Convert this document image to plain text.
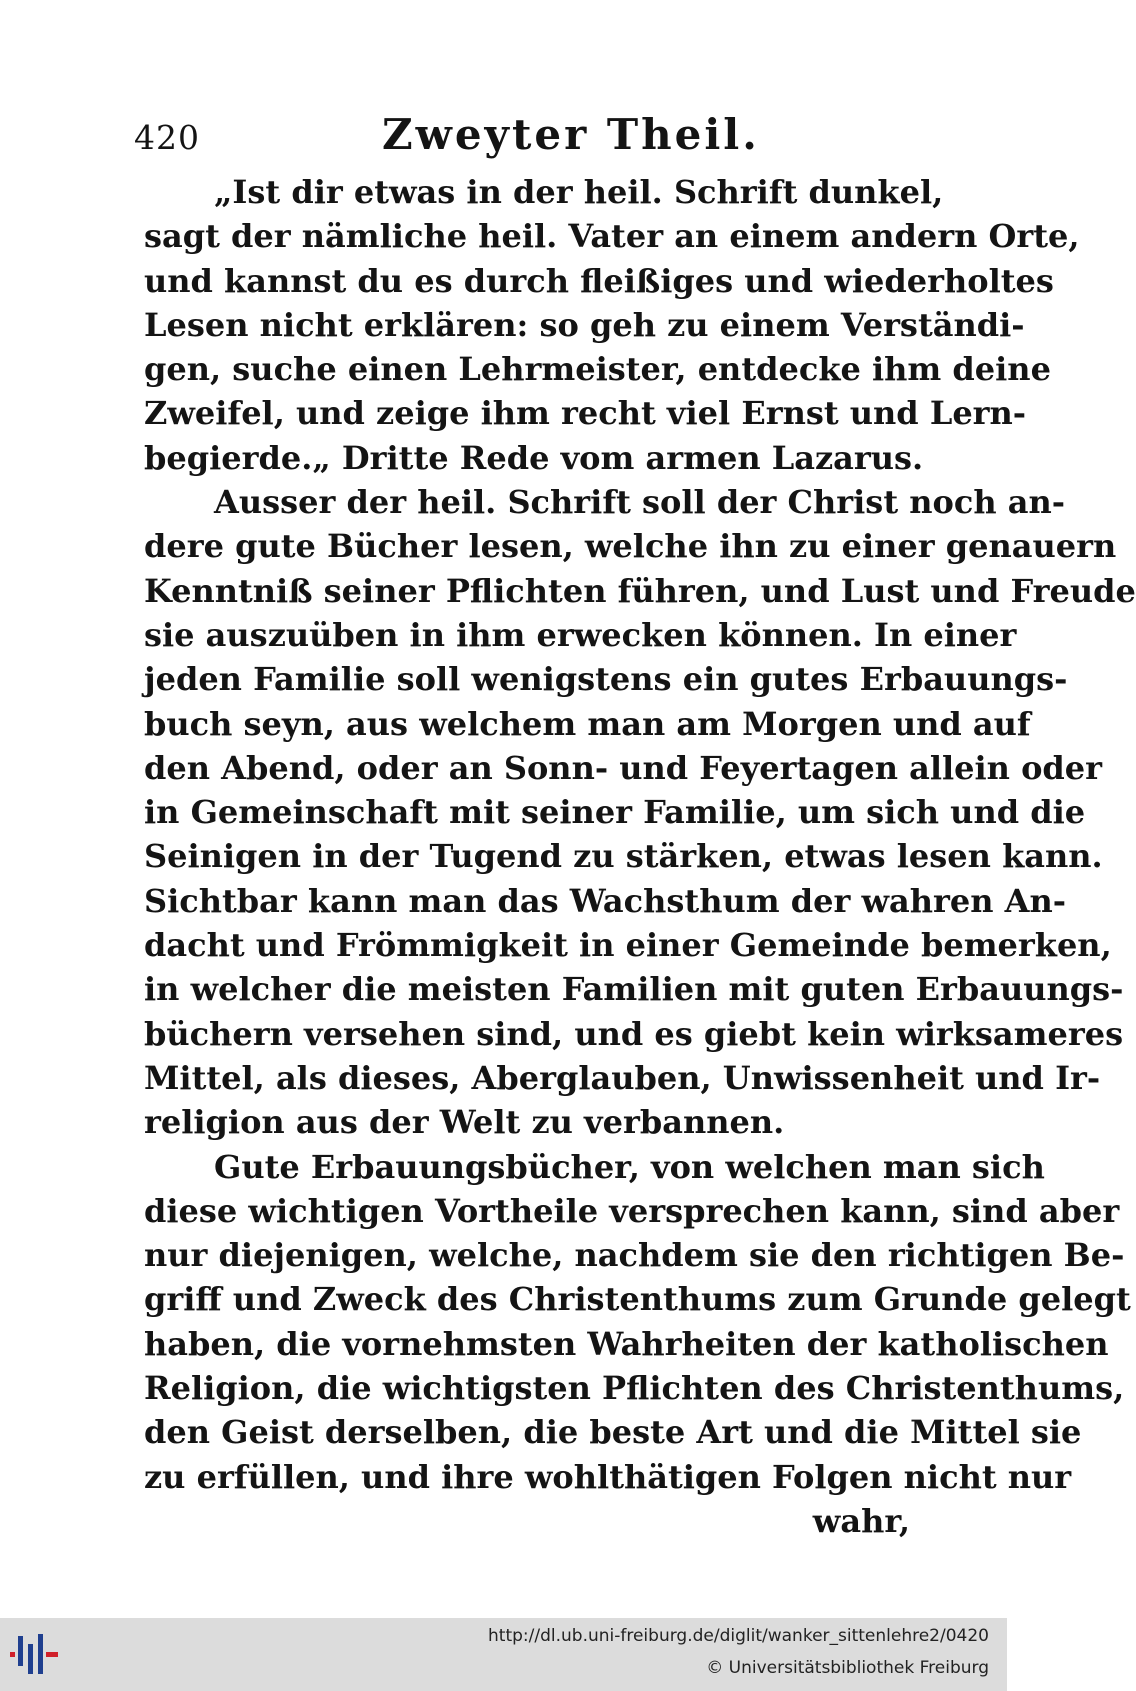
420	Zweyter Theil.
„Ist dir etwas in der heil. Schrift dunkel,
sagt der nämliche heil. Vater an einem andern Orte,
und kannst du es durch fleißiges und wiederholtes
Lesen nicht erklären: so geh zu einem Verständi-
gen, suche einen Lehrmeister, entdecke ihm deine
Zweifel, und zeige ihm recht viel Ernst und Lern-
begierde.„ Dritte Rede vom armen Lazarus.
Ausser der heil. Schrift soll der Christ noch an-
dere gute Bücher lesen, welche ihn zu einer genauern
Kenntniß seiner Pflichten führen, und Lust und Freude
sie auszuüben in ihm erwecken können. In einer
jeden Familie soll wenigstens ein gutes Erbauungs-
buch seyn, aus welchem man am Morgen und auf
den Abend, oder an Sonn- und Feyertagen allein oder
in Gemeinschaft mit seiner Familie, um sich und die
Seinigen in der Tugend zu stärken, etwas lesen kann.
Sichtbar kann man das Wachsthum der wahren An-
dacht und Frömmigkeit in einer Gemeinde bemerken,
in welcher die meisten Familien mit guten Erbauungs-
büchern versehen sind, und es giebt kein wirksameres
Mittel, als dieses, Aberglauben, Unwissenheit und Ir-
religion aus der Welt zu verbannen.
Gute Erbauungsbücher, von welchen man sich
diese wichtigen Vortheile versprechen kann, sind aber
nur diejenigen, welche, nachdem sie den richtigen Be-
griff und Zweck des Christenthums zum Grunde gelegt
haben, die vornehmsten Wahrheiten der katholischen
Religion, die wichtigsten Pflichten des Christenthums,
den Geist derselben, die beste Art und die Mittel sie
zu erfüllen, und ihre wohlthätigen Folgen nicht nur
wahr,
http://dl.ub.uni-freiburg.de/diglit/wanker_sittenlehre2/0420
© Universitätsbibliothek Freiburg
